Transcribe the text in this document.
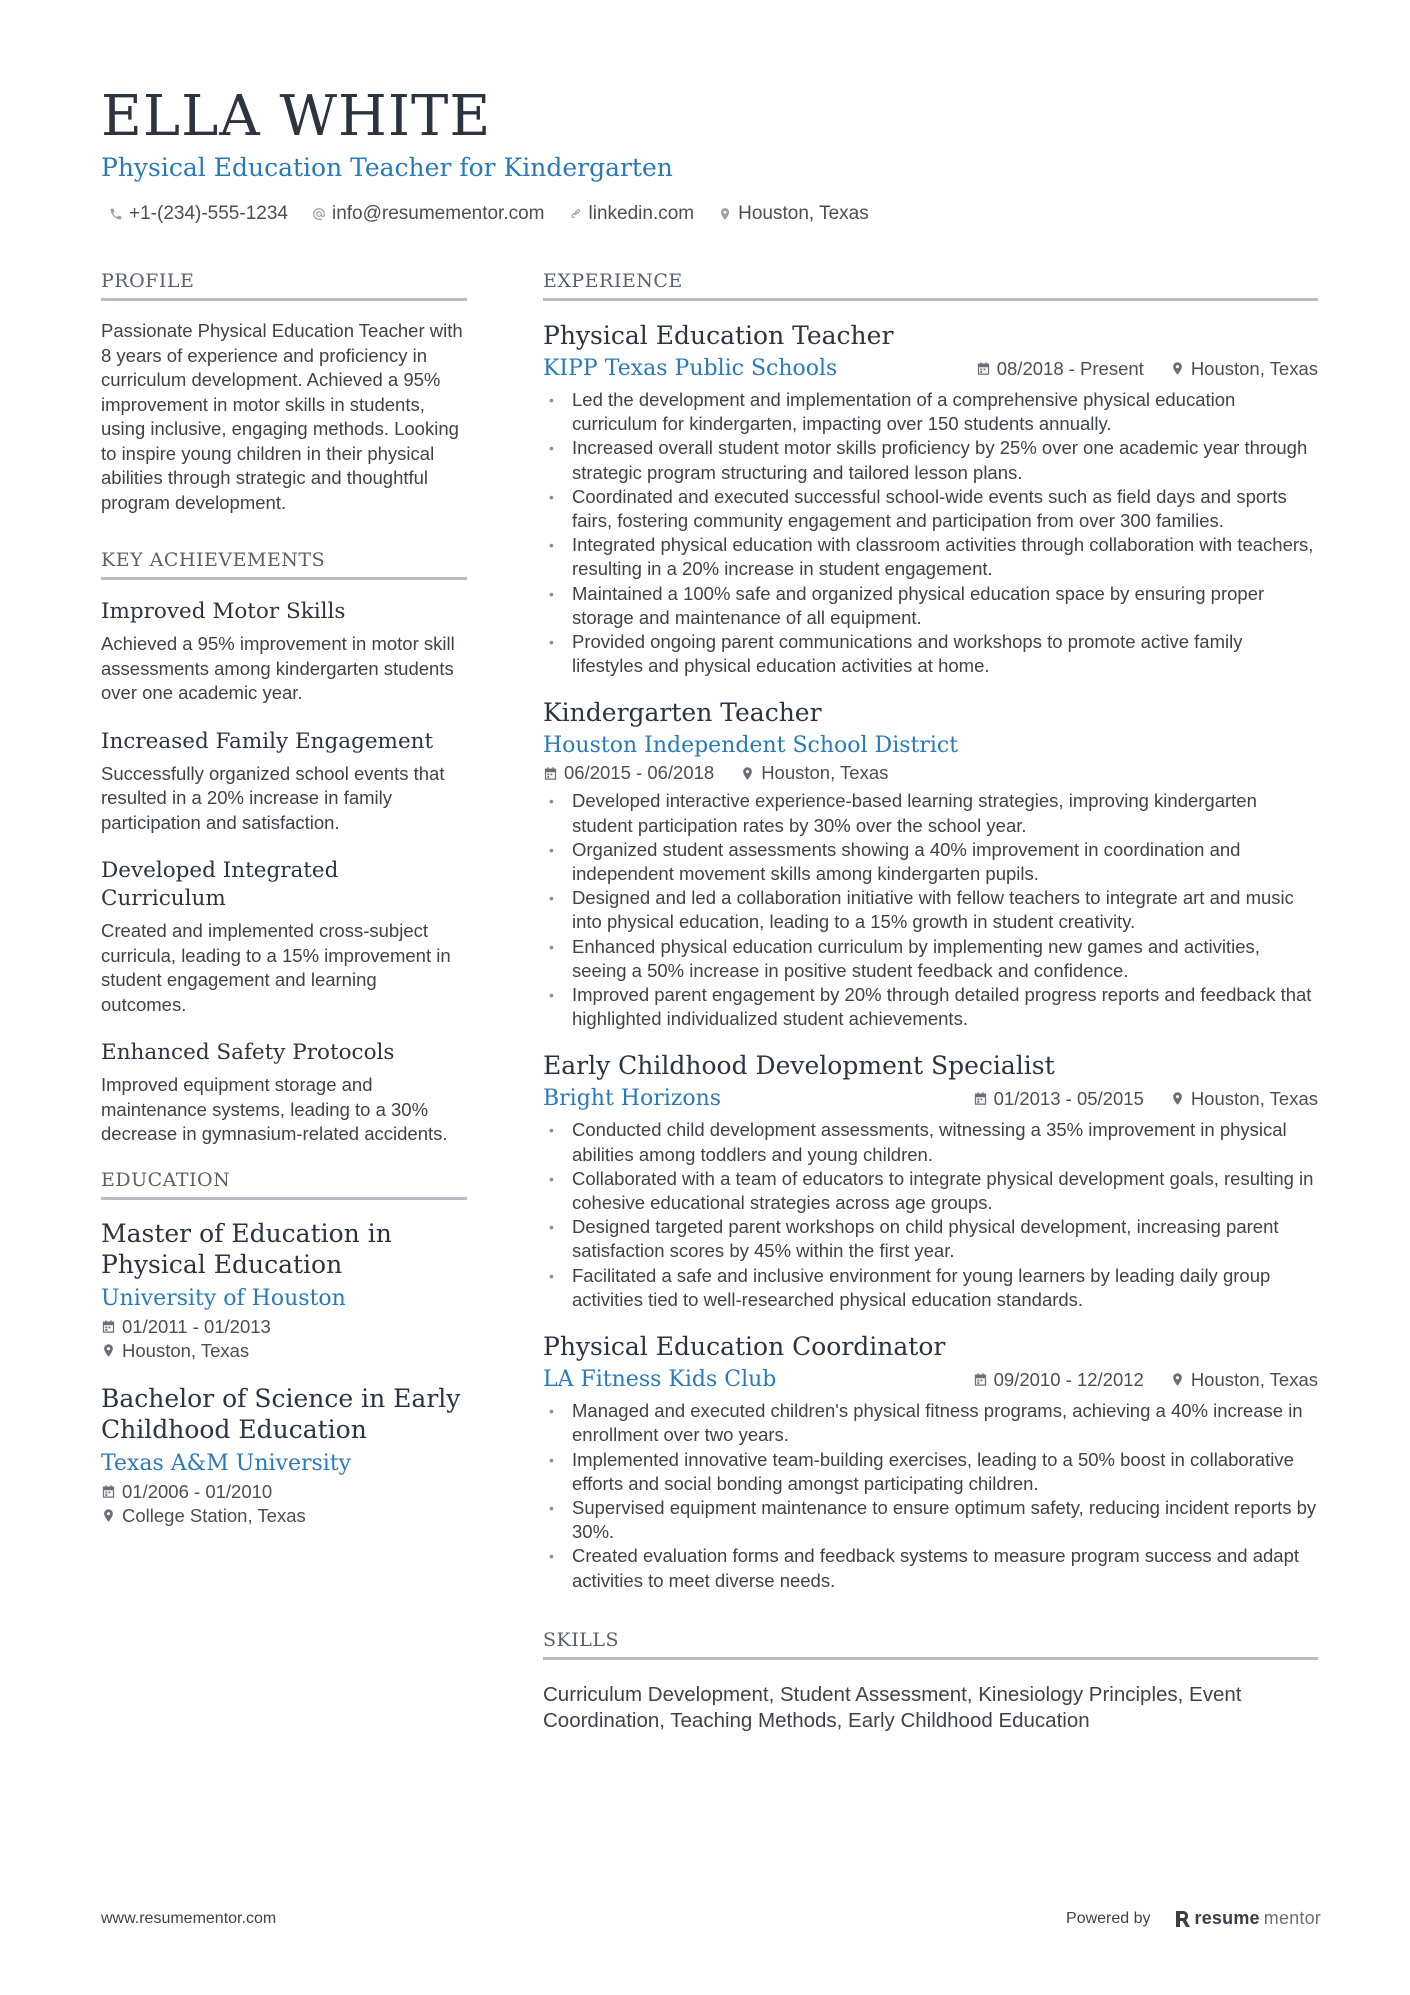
ELLA WHITE
Physical Education Teacher for Kindergarten
+1-(234)-555-1234 info@resumementor.com linkedin.com Houston, Texas
PROFILE

Passionate Physical Education Teacher with 8 years of experience and proficiency in curriculum development. Achieved a 95% improvement in motor skills in students, using inclusive, engaging methods. Looking to inspire young children in their physical abilities through strategic and thoughtful program development.

KEY ACHIEVEMENTS
Improved Motor Skills

Achieved a 95% improvement in motor skill assessments among kindergarten students over one academic year.

Increased Family Engagement

Successfully organized school events that resulted in a 20% increase in family participation and satisfaction.

Developed Integrated Curriculum

Created and implemented cross-subject curricula, leading to a 15% improvement in student engagement and learning outcomes.

Enhanced Safety Protocols

Improved equipment storage and maintenance systems, leading to a 30% decrease in gymnasium-related accidents.

EDUCATION
Master of Education in Physical Education
University of Houston
01/2011 - 01/2013
Houston, Texas
Bachelor of Science in Early Childhood Education
Texas A&M University
01/2006 - 01/2010
College Station, Texas
EXPERIENCE
Physical Education Teacher
KIPP Texas Public Schools	08/2018 - Present	Houston, Texas
• Led the development and implementation of a comprehensive physical education curriculum for kindergarten, impacting over 150 students annually.
• Increased overall student motor skills proficiency by 25% over one academic year through strategic program structuring and tailored lesson plans.
• Coordinated and executed successful school-wide events such as field days and sports fairs, fostering community engagement and participation from over 300 families.
• Integrated physical education with classroom activities through collaboration with teachers, resulting in a 20% increase in student engagement.
• Maintained a 100% safe and organized physical education space by ensuring proper storage and maintenance of all equipment.
• Provided ongoing parent communications and workshops to promote active family lifestyles and physical education activities at home.
Kindergarten Teacher
Houston Independent School District
06/2015 - 06/2018	Houston, Texas
• Developed interactive experience-based learning strategies, improving kindergarten student participation rates by 30% over the school year.
• Organized student assessments showing a 40% improvement in coordination and independent movement skills among kindergarten pupils.
• Designed and led a collaboration initiative with fellow teachers to integrate art and music into physical education, leading to a 15% growth in student creativity.
• Enhanced physical education curriculum by implementing new games and activities, seeing a 50% increase in positive student feedback and confidence.
• Improved parent engagement by 20% through detailed progress reports and feedback that highlighted individualized student achievements.
Early Childhood Development Specialist
Bright Horizons	01/2013 - 05/2015	Houston, Texas
• Conducted child development assessments, witnessing a 35% improvement in physical abilities among toddlers and young children.
• Collaborated with a team of educators to integrate physical development goals, resulting in cohesive educational strategies across age groups.
• Designed targeted parent workshops on child physical development, increasing parent satisfaction scores by 45% within the first year.
• Facilitated a safe and inclusive environment for young learners by leading daily group activities tied to well-researched physical education standards.
Physical Education Coordinator
LA Fitness Kids Club	09/2010 - 12/2012	Houston, Texas
• Managed and executed children's physical fitness programs, achieving a 40% increase in enrollment over two years.
• Implemented innovative team-building exercises, leading to a 50% boost in collaborative efforts and social bonding amongst participating children.
• Supervised equipment maintenance to ensure optimum safety, reducing incident reports by 30%.
• Created evaluation forms and feedback systems to measure program success and adapt activities to meet diverse needs.
SKILLS

Curriculum Development, Student Assessment, Kinesiology Principles, Event Coordination, Teaching Methods, Early Childhood Education

www.resumementor.com	Powered by resume mentor
